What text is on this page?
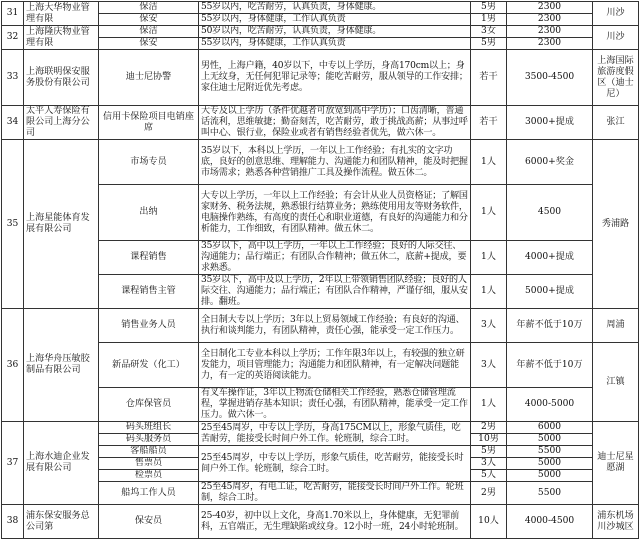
31	上海大华物业管理有限	保洁	55岁以内，吃苦耐劳，认真负责，身体健康。	5男	2300	川沙
		保安	55岁以内，身体健康，工作认真负责	1男	2300	
32	上海隆庆物业管理有限	保洁	50岁以内，吃苦耐劳，认真负责，身体健康。	3女	2300	川沙
		保安	55岁以内，身体健康，工作认真负责	5男	2300	
33	上海联明保安服务股份有限公司	迪士尼协警	男性，上海户籍，40岁以下，中专以上学历，身高170cm以上；身上无纹身，无任何犯罪记录等；能吃苦耐劳，服从领导的工作安排；家住迪士尼附近优先考虑。	若干	3500-4500	上海国际旅游度假区（迪士尼）
34	太平人寿保险有限公司上海分公司	信用卡保险项目电销座席	大专及以上学历（条件优越者可放宽到高中学历）；口齿清晰，普通话流利，思维敏捷；勤奋刻苦，吃苦耐劳，敢于挑战高薪；从事过呼叫中心、银行业，保险业或者有销售经验者优先，做六休一。	若干	3000+提成	张江
35	上海星能体育发展有限公司	市场专员	35岁以下，本科以上学历，一年以上工作经验；有扎实的文字功底，良好的创意思维、理解能力、沟通能力和团队精神，能及时把握市场需求；熟悉各种营销推广工具及操作流程。做五休二。	1人	6000+奖金	秀浦路
		出纳	大专以上学历，一年以上工作经验；有会计从业人员资格证；了解国家财务、税务法规，熟悉银行结算业务；熟练使用用友等财务软件，电脑操作熟练，有高度的责任心和职业道德，有良好的沟通能力和分析能力，工作细致，有团队精神。做五休二。	1人	4500	
		课程销售	35岁以下，高中以上学历，一年以上工作经验；良好的人际交往、沟通能力；品行端正；有团队合作精神；做五休二，底薪+提成，要求熟悉。	1人	4000+提成	
		课程销售主管	35岁以下，高中及以上学历，2年以上带领销售团队经验；良好的人际交往、沟通能力；品行端正；有团队合作精神，严谨仔细，服从安排。翻班。	1人	5000+提成	
36	上海华舟压敏胶制品有限公司	销售业务人员	全日制大专以上学历；3年以上贸易领域工作经验；有良好的沟通、执行和谈判能力，有团队精神，责任心强，能承受一定工作压力。	3人	年薪不低于10万	周浦
		新品研发（化工）	全日制化工专业本科以上学历；工作年限3年以上，有较强的独立研发能力，项目管理能力；沟通能力和团队精神，有一定解决问题能力，有一定的英语阅读能力。	3人	年薪不低于10万	江镇
		仓库保管员	有叉车操作证，3年以上物流仓储相关工作经验，熟悉仓储管理流程，掌握进销存基本知识；责任心强，有团队精神，能承受一定工作压力。做六休一。	1人	4000-5000	
37	上海水迪企业发展有限公司	码头班组长	25至45周岁，中专以上学历，身高175CM以上，形象气质佳，吃苦耐劳，能接受长时间户外工作。轮班制，综合工时。	2男	6000	迪士尼星愿湖
		码头服务员		10男	5000	
		客船船员	25至45周岁，中专以上学历，形象气质佳，吃苦耐劳，能接受长时间户外工作。轮班制，综合工时。	5男	5500	
		售票员		3人	5000	
		检票员		5人	5000	
		船坞工作人员	25至45周岁，有电工证，吃苦耐劳，能接受长时间户外工作。轮班制，综合工时。	2男	5500	
38	浦东保安服务总公司第	保安员	25-40岁，初中以上文化，身高1.70米以上，身体健康，无犯罪前科，五官端正，无生理缺陷或纹身。12小时一班，24小时轮班制。	10人	4000-4500	浦东机场川沙城区
